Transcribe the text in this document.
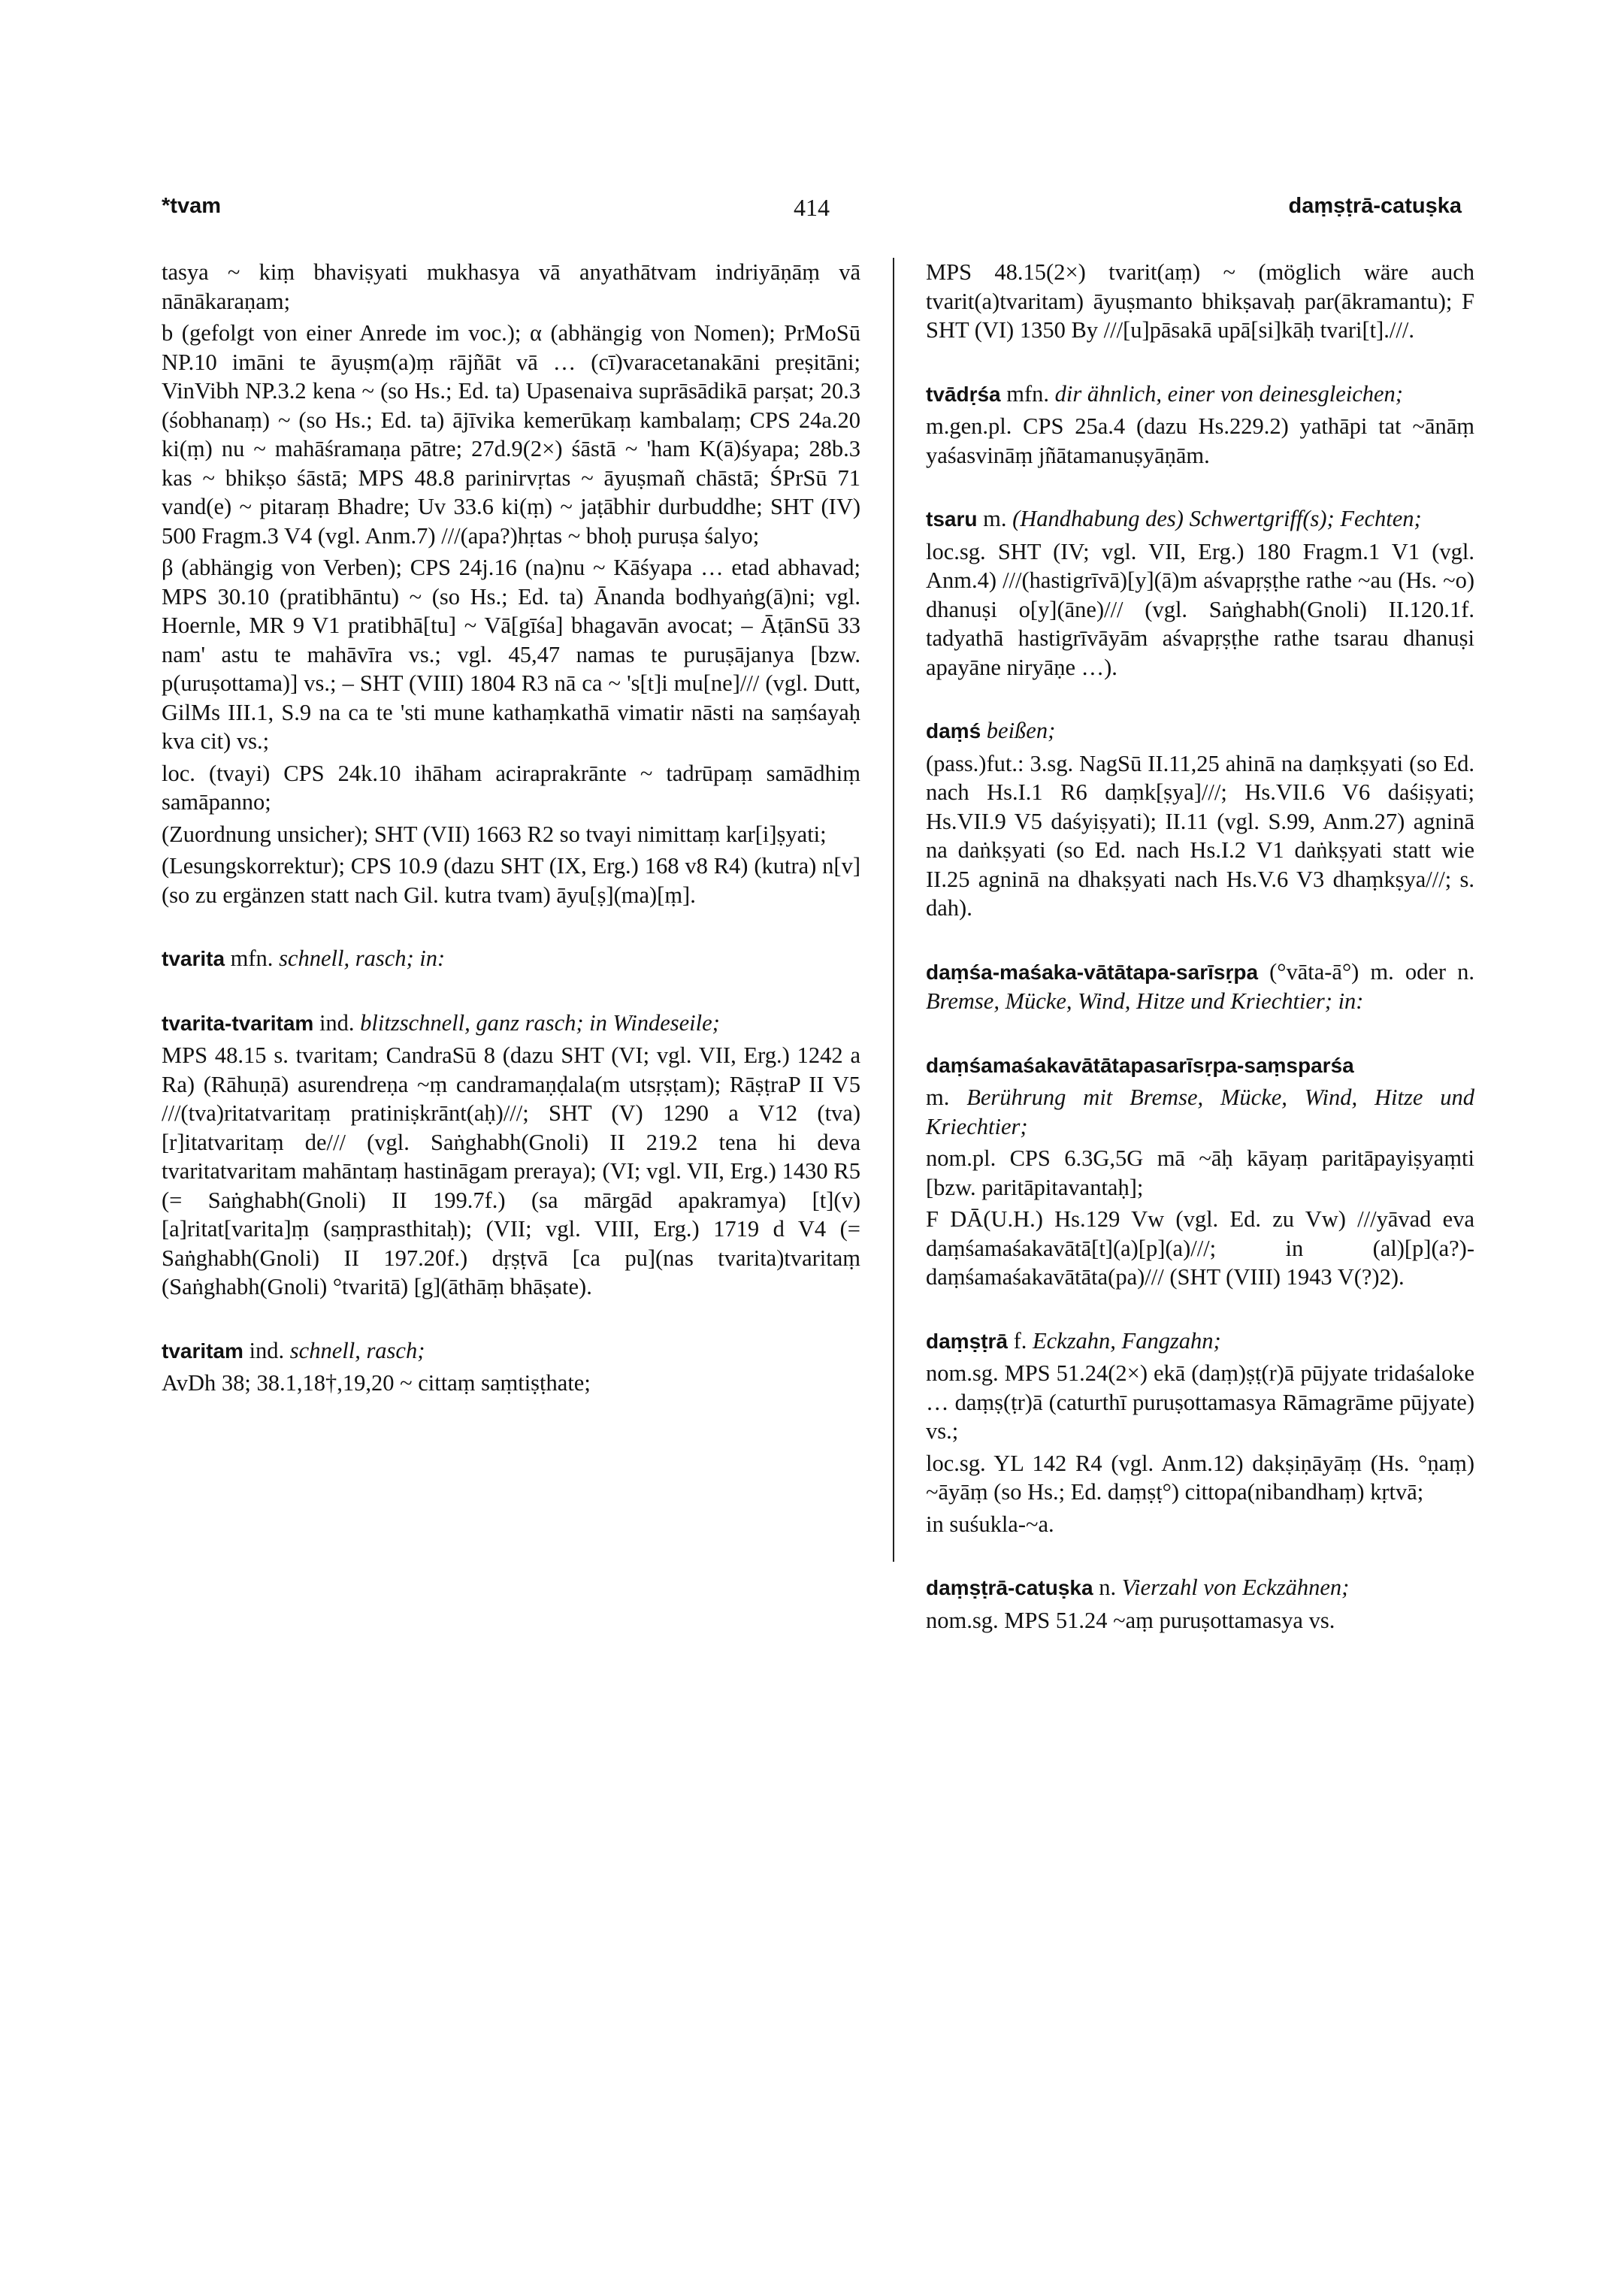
*tvam	414	daṃṣṭrā-catuṣka

tasya ~ kiṃ bhaviṣyati mukhasya vā anyathātvam indriyāṇāṃ vā nānākaraṇam;

b (gefolgt von einer Anrede im voc.); α (abhängig von Nomen); PrMoSū NP.10 imāni te āyuṣm(a)ṃ rājñāt vā … (cī)varacetanakāni preṣitāni; VinVibh NP.3.2 kena ~ (so Hs.; Ed. ta) Upasenaiva suprāsādikā parṣat; 20.3 (śobhanaṃ) ~ (so Hs.; Ed. ta) ājīvika kemerūkaṃ kambalaṃ; CPS 24a.20 ki(ṃ) nu ~ mahāśramaṇa pātre; 27d.9(2×) śāstā ~ 'ham K(ā)śyapa; 28b.3 kas ~ bhikṣo śāstā; MPS 48.8 parinirvṛtas ~ āyuṣmañ chāstā; ŚPrSū 71 vand(e) ~ pitaraṃ Bhadre; Uv 33.6 ki(ṃ) ~ jaṭābhir durbuddhe; SHT (IV) 500 Fragm.3 V4 (vgl. Anm.7) ///(apa?)hṛtas ~ bhoḥ puruṣa śalyo;

β (abhängig von Verben); CPS 24j.16 (na)nu ~ Kāśyapa … etad abhavad; MPS 30.10 (pratibhāntu) ~ (so Hs.; Ed. ta) Ānanda bodhyaṅg(ā)ni; vgl. Hoernle, MR 9 V1 pratibhā[tu] ~ Vā[gīśa] bhagavān avocat; – ĀṭānSū 33 nam' astu te mahāvīra vs.; vgl. 45,47 namas te puruṣājanya [bzw. p(uruṣottama)] vs.; – SHT (VIII) 1804 R3 nā ca ~ 's[t]i mu[ne]/// (vgl. Dutt, GilMs III.1, S.9 na ca te 'sti mune kathaṃkathā vimatir nāsti na saṃśayaḥ kva cit) vs.;

loc. (tvayi) CPS 24k.10 ihāham aciraprakrānte ~ tadrūpaṃ samādhiṃ samāpanno;

(Zuordnung unsicher); SHT (VII) 1663 R2 so tvayi nimittaṃ kar[i]ṣyati;

(Lesungskorrektur); CPS 10.9 (dazu SHT (IX, Erg.) 168 v8 R4) (kutra) n[v] (so zu ergänzen statt nach Gil. kutra tvam) āyu[ṣ](ma)[ṃ].

tvarita mfn. schnell, rasch; in:

tvarita-tvaritam ind. blitzschnell, ganz rasch; in Windeseile;

MPS 48.15 s. tvaritam; CandraSū 8 (dazu SHT (VI; vgl. VII, Erg.) 1242 a Ra) (Rāhuṇā) asurendreṇa ~ṃ candramaṇḍala(m utsṛṣṭam); RāṣṭraP II V5 ///(tva)ritatvaritaṃ pratiniṣkrānt(aḥ)///; SHT (V) 1290 a V12 (tva)[r]itatvaritaṃ de/// (vgl. Saṅghabh(Gnoli) II 219.2 tena hi deva tvaritatvaritam mahāntaṃ hastināgam prerayа); (VI; vgl. VII, Erg.) 1430 R5 (= Saṅghabh(Gnoli) II 199.7f.) (sa mārgād apakramya) [t](v)[a]ritat[varita]ṃ (saṃprasthitaḥ); (VII; vgl. VIII, Erg.) 1719 d V4 (= Saṅghabh(Gnoli) II 197.20f.) dṛṣṭvā [ca pu](nas tvarita)tvaritaṃ (Saṅghabh(Gnoli) °tvaritā) [g](āthāṃ bhāṣate).

tvaritam ind. schnell, rasch;

AvDh 38; 38.1,18†,19,20 ~ cittaṃ saṃtiṣṭhate;

MPS 48.15(2×) tvarit(aṃ) ~ (möglich wäre auch tvarit(a)tvaritam) āyuṣmanto bhikṣavaḥ par(ākramantu); F SHT (VI) 1350 By ///[u]pāsakā upā[si]kāḥ tvari[t].///.

tvādṛśa mfn. dir ähnlich, einer von deinesgleichen;

m.gen.pl. CPS 25a.4 (dazu Hs.229.2) yathāpi tat ~ānāṃ yaśasvināṃ jñātamanuṣyāṇām.

tsaru m. (Handhabung des) Schwertgriff(s); Fechten;

loc.sg. SHT (IV; vgl. VII, Erg.) 180 Fragm.1 V1 (vgl. Anm.4) ///(hastigrīvā)[y](ā)m aśvapṛṣṭhe rathe ~au (Hs. ~o) dhanuṣi o[y](āne)/// (vgl. Saṅghabh(Gnoli) II.120.1f. tadyathā hastigrīvāyām aśvapṛṣṭhe rathe tsarau dhanuṣi apayāne niryāṇe …).

daṃś beißen;

(pass.)fut.: 3.sg. NagSū II.11,25 ahinā na daṃkṣyati (so Ed. nach Hs.I.1 R6 daṃk[ṣya]///; Hs.VII.6 V6 daśiṣyati; Hs.VII.9 V5 daśyiṣyati); II.11 (vgl. S.99, Anm.27) agninā na daṅkṣyati (so Ed. nach Hs.I.2 V1 daṅkṣyati statt wie II.25 agninā na dhakṣyati nach Hs.V.6 V3 dhaṃkṣya///; s. dah).

daṃśa-maśaka-vātātapa-sarīsṛpa (°vāta-ā°) m. oder n. Bremse, Mücke, Wind, Hitze und Kriechtier; in:

daṃśamaśakavātātapasarīsṛpa-saṃsparśa

m. Berührung mit Bremse, Mücke, Wind, Hitze und Kriechtier;

nom.pl. CPS 6.3G,5G mā ~āḥ kāyaṃ paritāpayiṣyaṃti [bzw. paritāpitavantaḥ];

F DĀ(U.H.) Hs.129 Vw (vgl. Ed. zu Vw) ///yāvad eva daṃśamaśakavātā[t](a)[p](a)///; in (al)[p](a?)-daṃśamaśakavātāta(pa)/// (SHT (VIII) 1943 V(?)2).

daṃṣṭrā f. Eckzahn, Fangzahn;

nom.sg. MPS 51.24(2×) ekā (daṃ)ṣṭ(r)ā pūjyate tridaśaloke … daṃṣ(ṭr)ā (caturthī puruṣottamasya Rāmagrāme pūjyate) vs.;

loc.sg. YL 142 R4 (vgl. Anm.12) dakṣiṇāyāṃ (Hs. °ṇaṃ) ~āyāṃ (so Hs.; Ed. daṃṣṭ°) cittopa(nibandhaṃ) kṛtvā;

in suśukla-~a.

daṃṣṭrā-catuṣka n. Vierzahl von Eckzähnen;

nom.sg. MPS 51.24 ~aṃ puruṣottamasya vs.
